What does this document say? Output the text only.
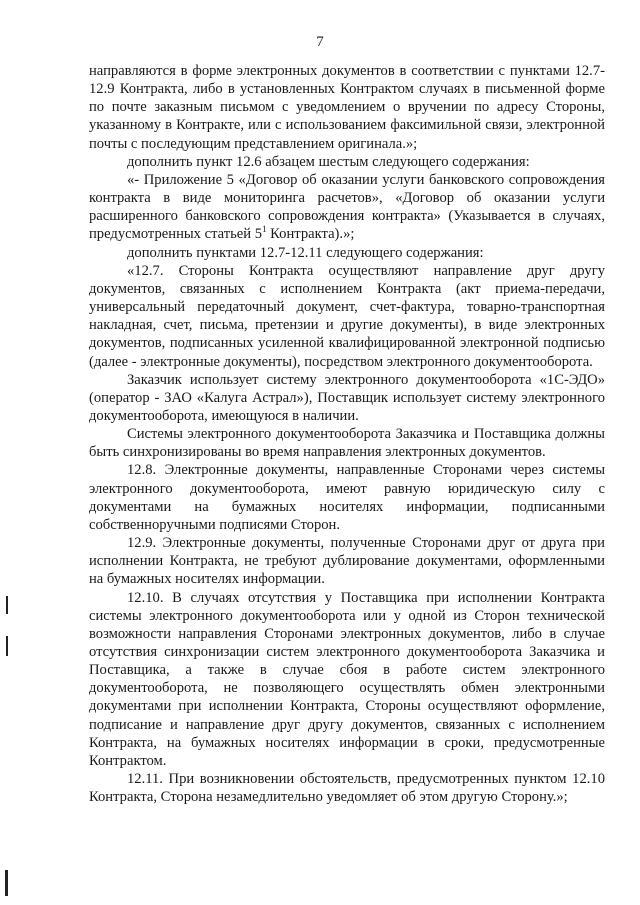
7

направляются в форме электронных документов в соответствии с пунктами 12.7-12.9 Контракта, либо в установленных Контрактом случаях в письменной форме по почте заказным письмом с уведомлением о вручении по адресу Стороны, указанному в Контракте, или с использованием факсимильной связи, электронной почты с последующим представлением оригинала.»;

дополнить пункт 12.6 абзацем шестым следующего содержания:

«- Приложение 5 «Договор об оказании услуги банковского сопровождения контракта в виде мониторинга расчетов», «Договор об оказании услуги расширенного банковского сопровождения контракта» (Указывается в случаях, предусмотренных статьей $5^1$ Контракта).»;

дополнить пунктами 12.7-12.11 следующего содержания:

«12.7. Стороны Контракта осуществляют направление друг другу документов, связанных с исполнением Контракта (акт приема-передачи, универсальный передаточный документ, счет-фактура, товарно-транспортная накладная, счет, письма, претензии и другие документы), в виде электронных документов, подписанных усиленной квалифицированной электронной подписью (далее - электронные документы), посредством электронного документооборота.

Заказчик использует систему электронного документооборота «1С-ЭДО» (оператор - ЗАО «Калуга Астрал»), Поставщик использует систему электронного документооборота, имеющуюся в наличии.

Системы электронного документооборота Заказчика и Поставщика должны быть синхронизированы во время направления электронных документов.

12.8. Электронные документы, направленные Сторонами через системы электронного документооборота, имеют равную юридическую силу с документами на бумажных носителях информации, подписанными собственноручными подписями Сторон.

12.9. Электронные документы, полученные Сторонами друг от друга при исполнении Контракта, не требуют дублирование документами, оформленными на бумажных носителях информации.

12.10. В случаях отсутствия у Поставщика при исполнении Контракта системы электронного документооборота или у одной из Сторон технической возможности направления Сторонами электронных документов, либо в случае отсутствия синхронизации систем электронного документооборота Заказчика и Поставщика, а также в случае сбоя в работе систем электронного документооборота, не позволяющего осуществлять обмен электронными документами при исполнении Контракта, Стороны осуществляют оформление, подписание и направление друг другу документов, связанных с исполнением Контракта, на бумажных носителях информации в сроки, предусмотренные Контрактом.

12.11. При возникновении обстоятельств, предусмотренных пунктом 12.10 Контракта, Сторона незамедлительно уведомляет об этом другую Сторону.»;
